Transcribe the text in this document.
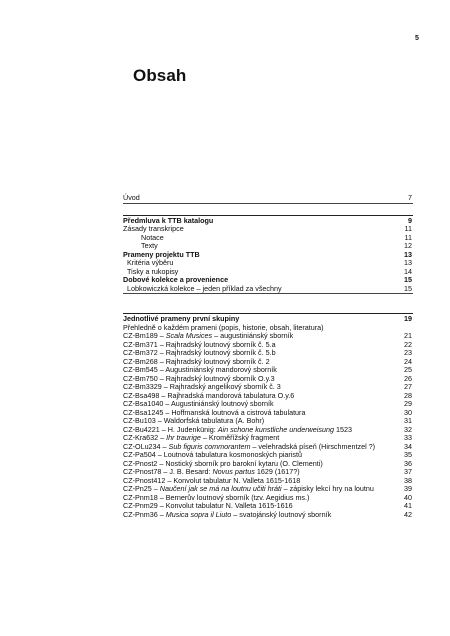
5
Obsah
Úvod	7
Předmluva k TTB katalogu	9
Zásady transkripce	11
Notace	11
Texty	12
Prameny projektu TTB	13
Kritéria výběru	13
Tisky a rukopisy	14
Dobové kolekce a provenience	15
Lobkowiczká kolekce – jeden příklad za všechny	15
Jednotlivé prameny první skupiny	19
Přehledně o každém prameni (popis, historie, obsah, literatura)
CZ-Bm189 – Scala Musices – augustiniánský sborník	21
CZ-Bm371 – Rajhradský loutnový sborník č. 5.a	22
CZ-Bm372 – Rajhradský loutnový sborník č. 5.b	23
CZ-Bm268 – Rajhradský loutnový sborník č. 2	24
CZ-Bm545 – Augustiniánský mandorový sborník	25
CZ-Bm750 – Rajhradský loutnový sborník O.y.3	26
CZ-Bm3329 – Rajhradský angelikový sborník č. 3	27
CZ-Bsa498 – Rajhradská mandorová tabulatura O.y.6	28
CZ-Bsa1040 – Augustiniánský loutnový sborník	29
CZ-Bsa1245 – Hoffmanská loutnová a cistrová tabulatura	30
CZ-Bu103 – Waldorfská tabulatura (A. Bohr)	31
CZ-Bu4221 – H. Judenkünig: Ain schone kunstliche underweisung 1523	32
CZ-Kra632 – Ihr traurige – Kroměřížský fragment	33
CZ-OLu234 – Sub figuris commorantem – velehradská píseň (Hirschmentzel ?)	34
CZ-Pa504 – Loutnová tabulatura kosmonoských piaristů	35
CZ-Pnost2 – Nostický sborník pro barokní kytaru (O. Clementi)	36
CZ-Pnost78 – J. B. Besard: Novus partus 1629 (1617?)	37
CZ-Pnost412 – Konvolut tabulatur N. Valleta 1615-1618	38
CZ-Pn25 – Naučení jak se má na loutnu učiti hráti – zápisky lekcí hry na loutnu	39
CZ-Pnm18 – Bernerův loutnový sborník (tzv. Aegidius ms.)	40
CZ-Pnm29 – Konvolut tabulatur N. Valleta 1615-1616	41
CZ-Pnm36 – Musica sopra il Liuto – svatojánský loutnový sborník	42
